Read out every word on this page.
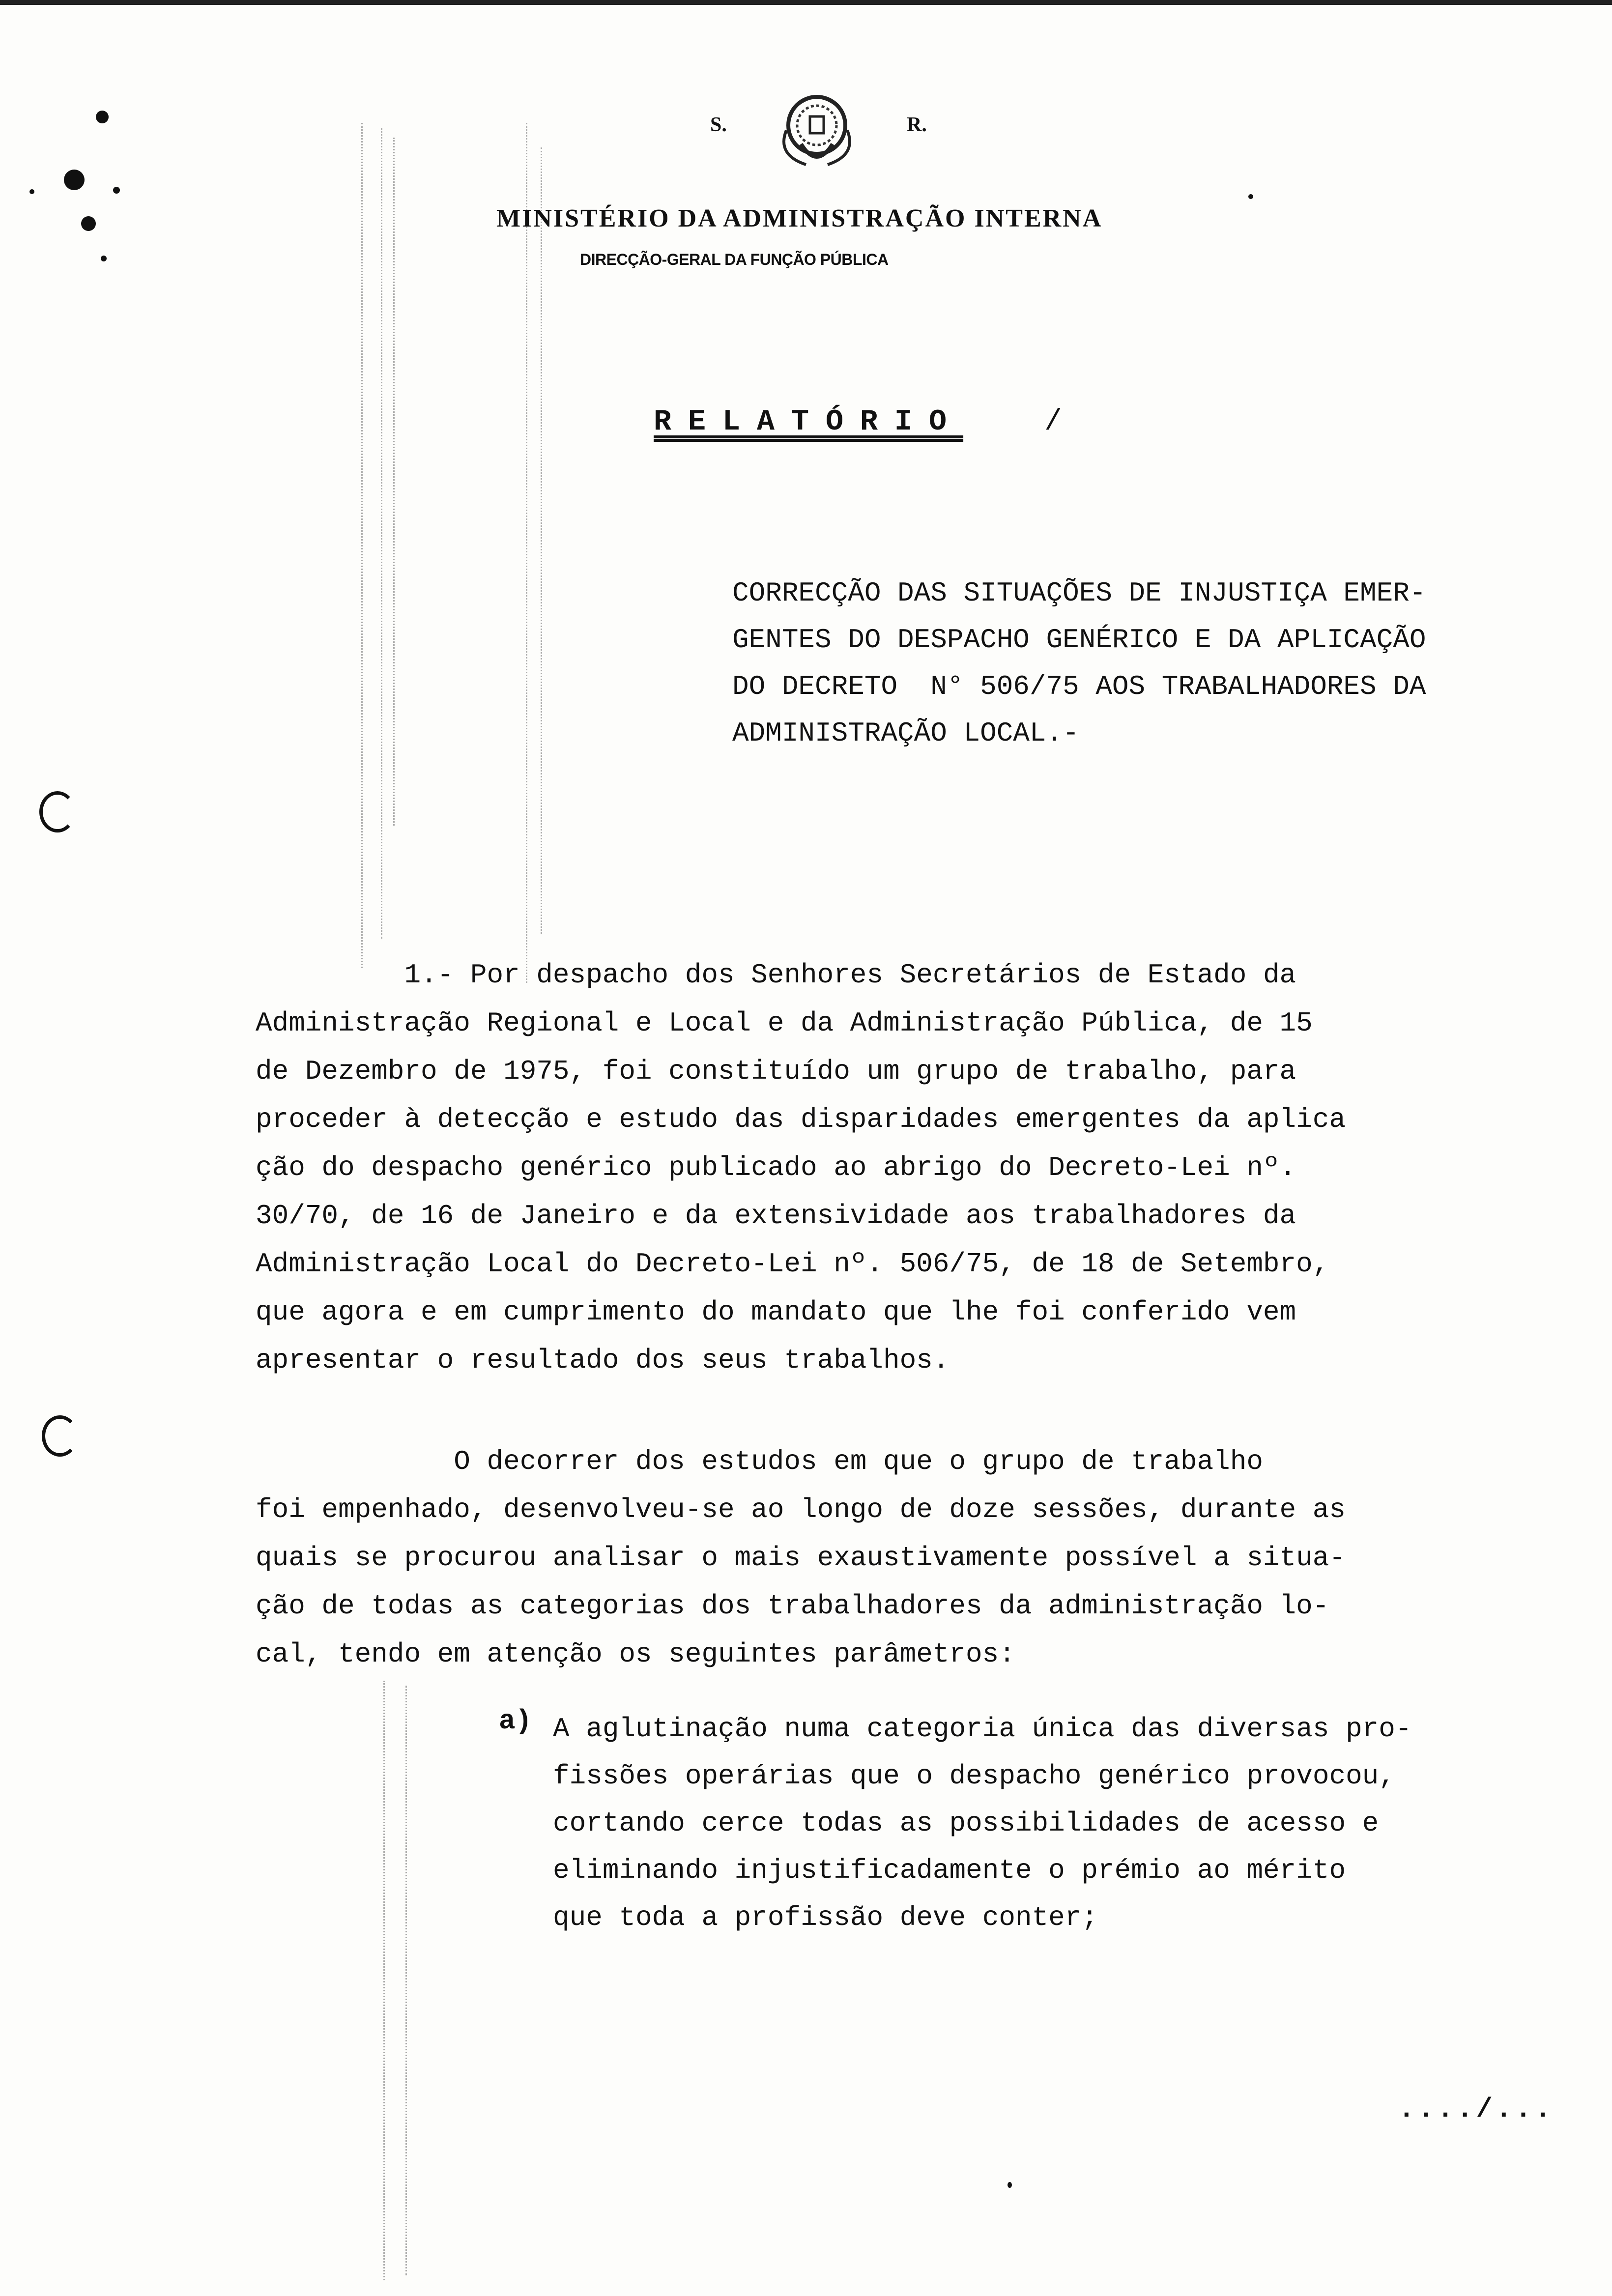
S.	R.
MINISTÉRIO DA ADMINISTRAÇÃO INTERNA
DIRECÇÃO-GERAL DA FUNÇÃO PÚBLICA
RELATÓRIO	/
CORRECÇÃO DAS SITUAÇÕES DE INJUSTIÇA EMER-
GENTES DO DESPACHO GENÉRICO E DA APLICAÇÃO
DO DECRETO  N° 506/75 AOS TRABALHADORES DA
ADMINISTRAÇÃO LOCAL.-
1.- Por despacho dos Senhores Secretários de Estado da
Administração Regional e Local e da Administração Pública, de 15
de Dezembro de 1975, foi constituído um grupo de trabalho, para
proceder à detecção e estudo das disparidades emergentes da aplica
ção do despacho genérico publicado ao abrigo do Decreto-Lei nº.
30/70, de 16 de Janeiro e da extensividade aos trabalhadores da
Administração Local do Decreto-Lei nº. 506/75, de 18 de Setembro,
que agora e em cumprimento do mandato que lhe foi conferido vem
apresentar o resultado dos seus trabalhos.
O decorrer dos estudos em que o grupo de trabalho
foi empenhado, desenvolveu-se ao longo de doze sessões, durante as
quais se procurou analisar o mais exaustivamente possível a situa-
ção de todas as categorias dos trabalhadores da administração lo-
cal, tendo em atenção os seguintes parâmetros:
a) A aglutinação numa categoria única das diversas pro-
fissões operárias que o despacho genérico provocou,
cortando cerce todas as possibilidades de acesso e
eliminando injustificadamente o prémio ao mérito
que toda a profissão deve conter;
..../...
